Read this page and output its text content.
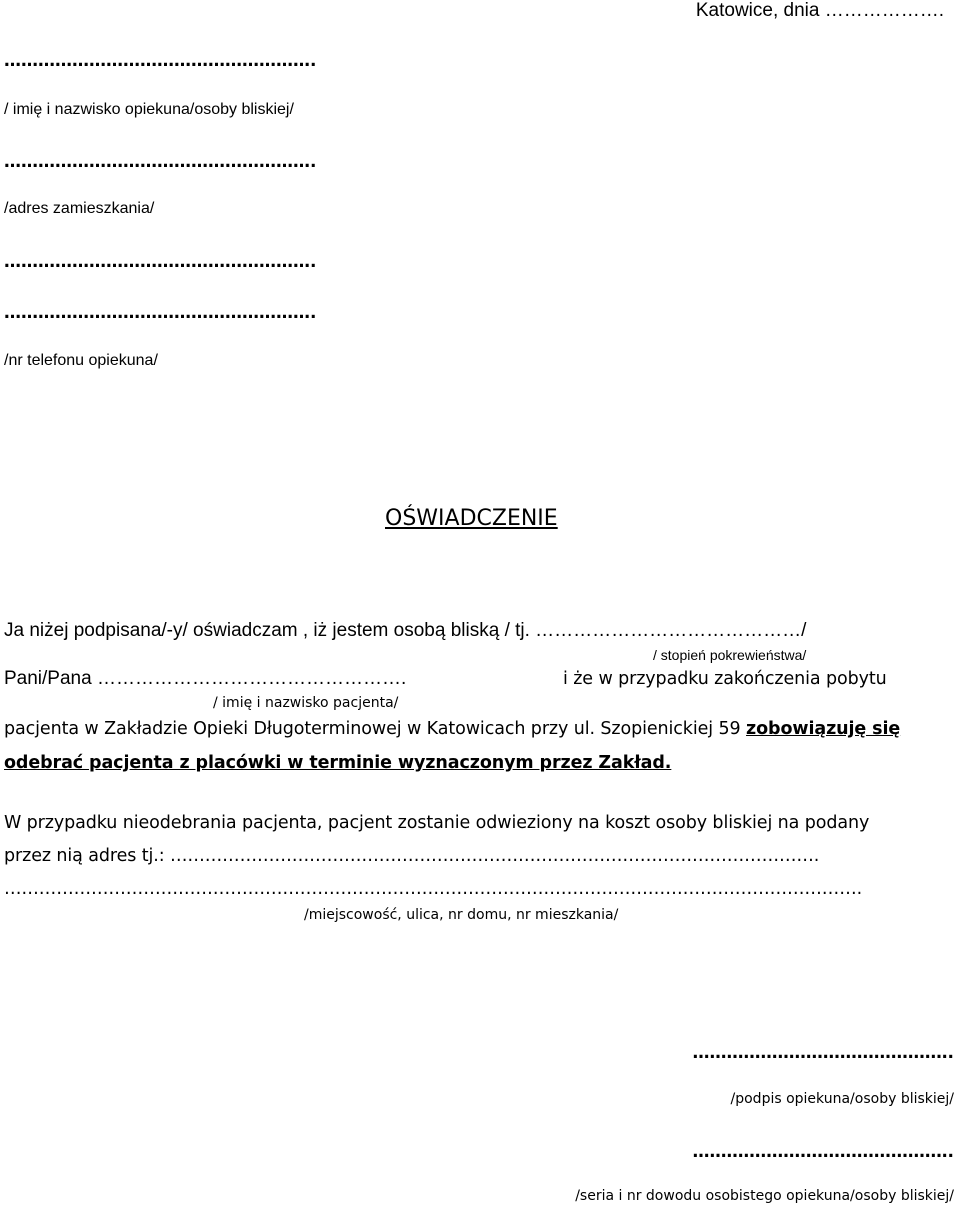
Katowice, dnia ……………….
……………………………………………….
/ imię i nazwisko opiekuna/osoby bliskiej/
……………………………………………….
/adres zamieszkania/
……………………………………………….
……………………………………………….
/nr telefonu opiekuna/
OŚWIADCZENIE
Ja niżej podpisana/-y/ oświadczam , iż jestem osobą bliską / tj. ……………………………………/
/ stopień pokrewieństwa/
Pani/Pana ………………………………………….	i że w przypadku zakończenia pobytu
/ imię i nazwisko pacjenta/
pacjenta w Zakładzie Opieki Długoterminowej w Katowicach przy ul. Szopienickiej 59 zobowiązuję się
odebrać pacjenta z placówki w terminie wyznaczonym przez Zakład.
W przypadku nieodebrania pacjenta, pacjent zostanie odwieziony na koszt osoby bliskiej na podany
przez nią adres tj.: ………………………………………………………………………………………………….
………………………………………………………………………………………………………………………………….
/miejscowość, ulica, nr domu, nr mieszkania/
……………………………………….
/podpis opiekuna/osoby bliskiej/
……………………………………….
/seria i nr dowodu osobistego opiekuna/osoby bliskiej/
